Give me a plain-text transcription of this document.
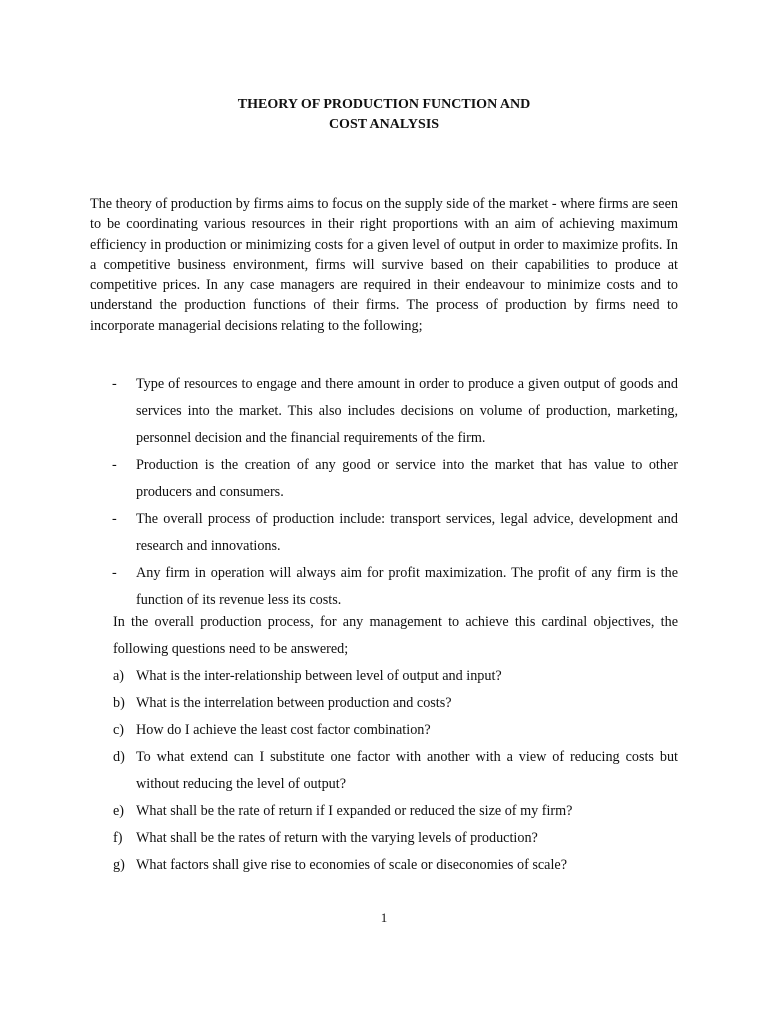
THEORY OF PRODUCTION FUNCTION AND
COST ANALYSIS

The theory of production by firms aims to focus on the supply side of the market - where firms are seen to be coordinating various resources in their right proportions with an aim of achieving maximum efficiency in production or minimizing costs for a given level of output in order to maximize profits. In a competitive business environment, firms will survive based on their capabilities to produce at competitive prices. In any case managers are required in their endeavour to minimize costs and to understand the production functions of their firms. The process of production by firms need to incorporate managerial decisions relating to the following;

- Type of resources to engage and there amount in order to produce a given output of goods and services into the market. This also includes decisions on volume of production, marketing, personnel decision and the financial requirements of the firm.
- Production is the creation of any good or service into the market that has value to other producers and consumers.
- The overall process of production include: transport services, legal advice, development and research and innovations.
- Any firm in operation will always aim for profit maximization. The profit of any firm is the function of its revenue less its costs.

In the overall production process, for any management to achieve this cardinal objectives, the following questions need to be answered;

a) What is the inter-relationship between level of output and input?
b) What is the interrelation between production and costs?
c) How do I achieve the least cost factor combination?
d) To what extend can I substitute one factor with another with a view of reducing costs but without reducing the level of output?
e) What shall be the rate of return if I expanded or reduced the size of my firm?
f) What shall be the rates of return with the varying levels of production?
g) What factors shall give rise to economies of scale or diseconomies of scale?
1
